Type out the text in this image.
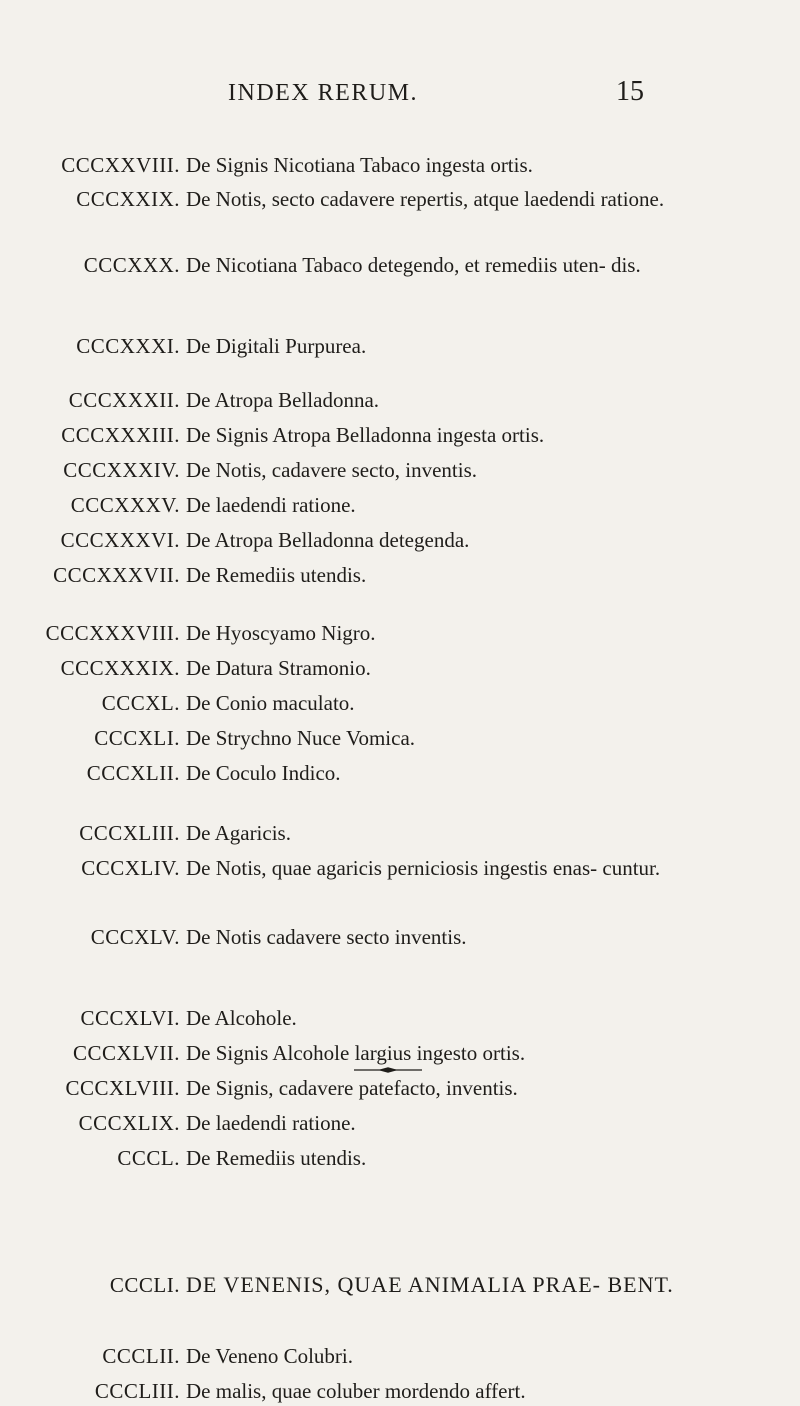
INDEX RERUM.	15
CCCXXVIII. De Signis Nicotiana Tabaco ingesta ortis.
CCCXXIX. De Notis, secto cadavere repertis, atque laedendi ratione.
CCCXXX. De Nicotiana Tabaco detegendo, et remediis uten- dis.
CCCXXXI. De Digitali Purpurea.
CCCXXXII. De Atropa Belladonna.
CCCXXXIII. De Signis Atropa Belladonna ingesta ortis.
CCCXXXIV. De Notis, cadavere secto, inventis.
CCCXXXV. De laedendi ratione.
CCCXXXVI. De Atropa Belladonna detegenda.
CCCXXXVII. De Remediis utendis.
CCCXXXVIII. De Hyoscyamo Nigro.
CCCXXXIX. De Datura Stramonio.
CCCXL. De Conio maculato.
CCCXLI. De Strychno Nuce Vomica.
CCCXLII. De Coculo Indico.
CCCXLIII. De Agaricis.
CCCXLIV. De Notis, quae agaricis perniciosis ingestis enas- cuntur.
CCCXLV. De Notis cadavere secto inventis.
CCCXLVI. De Alcohole.
CCCXLVII. De Signis Alcohole largius ingesto ortis.
CCCXLVIII. De Signis, cadavere patefacto, inventis.
CCCXLIX. De laedendi ratione.
CCCL. De Remediis utendis.
CCCLI. DE VENENIS, QUAE ANIMALIA PRAE- BENT.
CCCLII. De Veneno Colubri.
CCCLIII. De malis, quae coluber mordendo affert.
